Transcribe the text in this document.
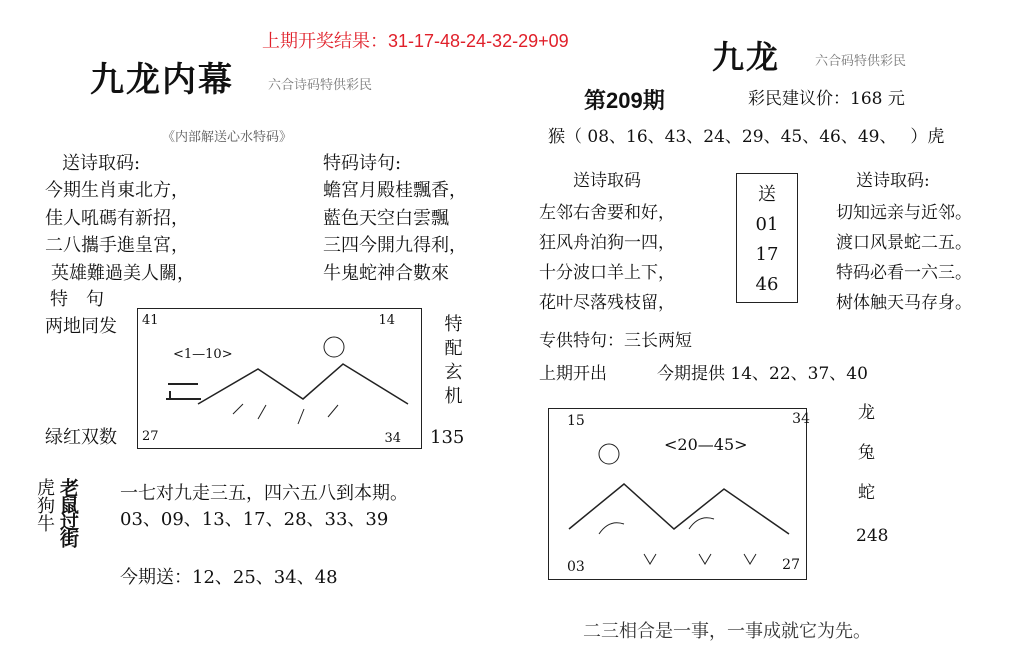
上期开奖结果：31-17-48-24-32-29+09
九龙内幕	六合诗码特供彩民
《内部解送心水特码》
送诗取码:
今期生肖東北方，
佳人吼碼有新招，
二八攜手進皇宮，
英雄難過美人關，
特码诗句:
蟾宮月殿桂飄香，
藍色天空白雲飄
三四今開九得利，
牛鬼蛇神合數來
特　句
两地同发
绿红双数
41	14
27	34
<1—10>	特配玄机
135
虎狗牛 老鼠过街 一七对九走三五，四六五八到本期。
03、09、13、17、28、33、39
今期送：12、25、34、48
九龙	六合码特供彩民
第209期	彩民建议价：168 元
猴（ 08、16、43、24、29、45、46、49、　 ）虎
送诗取码
左邻右舍要和好，
狂风舟泊狗一四，
十分波口羊上下，
花叶尽落残枝留，
送
01
17
46
送诗取码:
切知远亲与近邻。
渡口风景蛇二五。
特码必看一六三。
树体触天马存身。
专供特句：三长两短
上期开出	今期提供 14、22、37、40
15	34
03	27
<20—45>
龙
兔
蛇
248
二三相合是一事，一事成就它为先。
